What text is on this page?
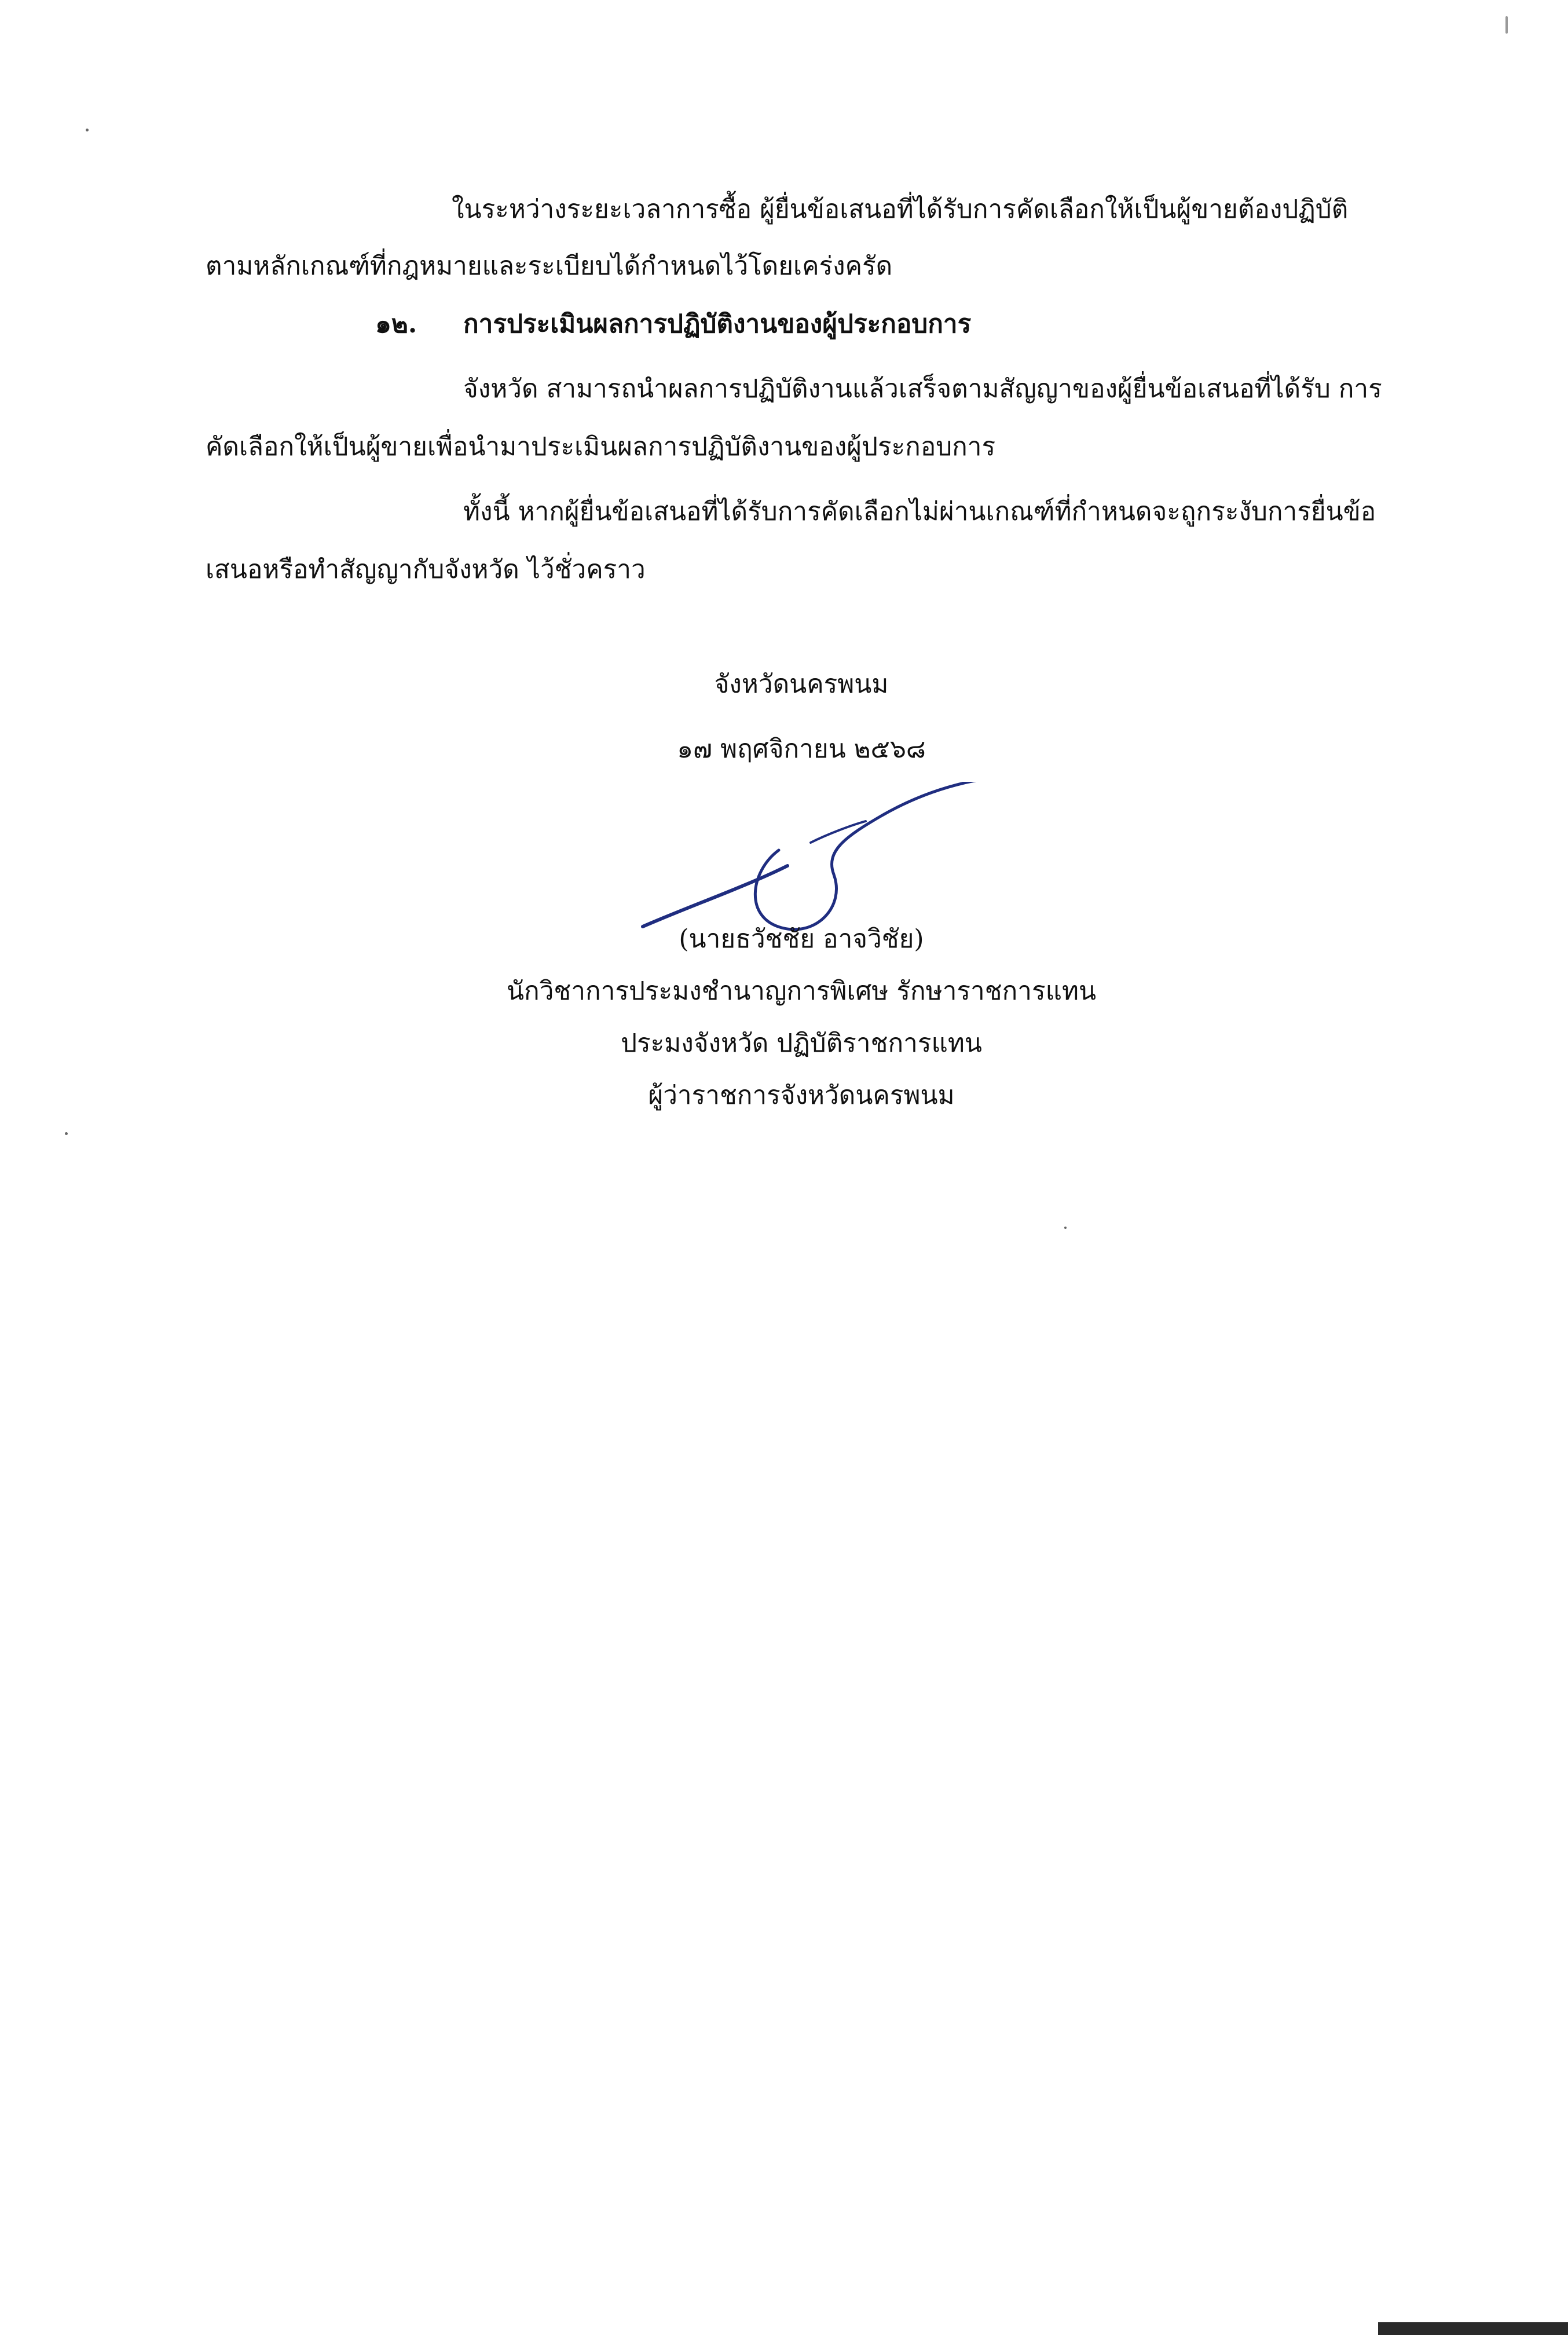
ในระหว่างระยะเวลาการซื้อ ผู้ยื่นข้อเสนอที่ได้รับการคัดเลือกให้เป็นผู้ขายต้องปฏิบัติ

ตามหลักเกณฑ์ที่กฎหมายและระเบียบได้กำหนดไว้โดยเคร่งครัด

๑๒. การประเมินผลการปฏิบัติงานของผู้ประกอบการ

จังหวัด สามารถนำผลการปฏิบัติงานแล้วเสร็จตามสัญญาของผู้ยื่นข้อเสนอที่ได้รับ การ

คัดเลือกให้เป็นผู้ขายเพื่อนำมาประเมินผลการปฏิบัติงานของผู้ประกอบการ

ทั้งนี้ หากผู้ยื่นข้อเสนอที่ได้รับการคัดเลือกไม่ผ่านเกณฑ์ที่กำหนดจะถูกระงับการยื่นข้อ

เสนอหรือทำสัญญากับจังหวัด ไว้ชั่วคราว

จังหวัดนครพนม

๑๗ พฤศจิกายน ๒๕๖๘

(นายธวัชชัย อาจวิชัย)

นักวิชาการประมงชำนาญการพิเศษ รักษาราชการแทน

ประมงจังหวัด ปฏิบัติราชการแทน

ผู้ว่าราชการจังหวัดนครพนม
